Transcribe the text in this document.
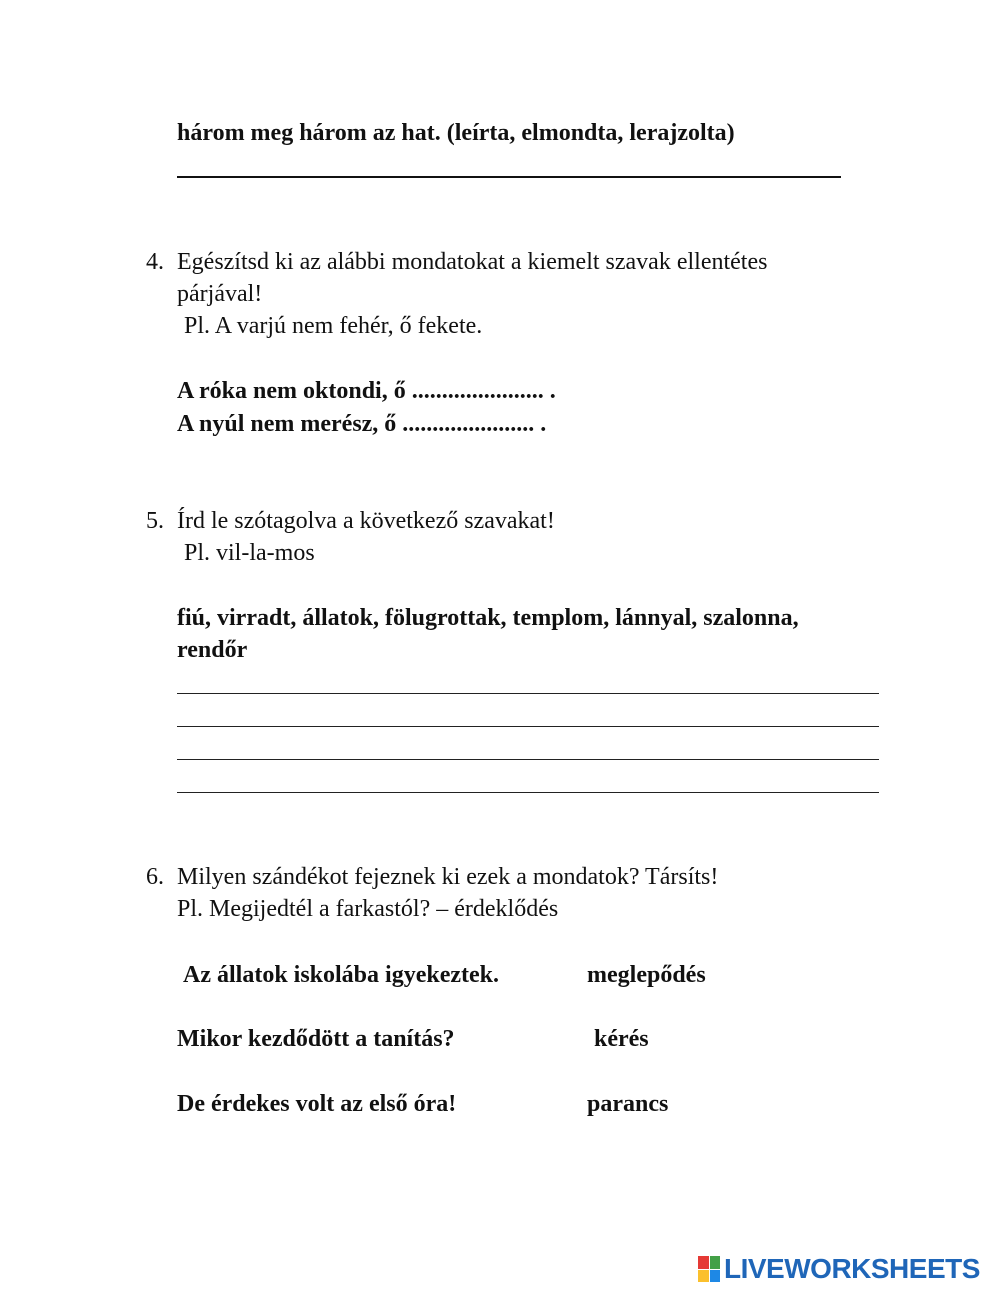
három meg három az hat. (leírta, elmondta, lerajzolta)
4. Egészítsd ki az alábbi mondatokat a kiemelt szavak ellentétes
párjával!
Pl. A varjú nem fehér, ő fekete.
A róka nem oktondi, ő ...................... .
A nyúl nem merész, ő ...................... .
5. Írd le szótagolva a következő szavakat!
Pl. vil-la-mos
fiú, virradt, állatok, fölugrottak, templom, lánnyal, szalonna,
rendőr
6. Milyen szándékot fejeznek ki ezek a mondatok? Társíts!
Pl. Megijedtél a farkastól? – érdeklődés
Az állatok iskolába igyekeztek.	meglepődés
Mikor kezdődött a tanítás?	kérés
De érdekes volt az első óra!	parancs
LIVEWORKSHEETS
